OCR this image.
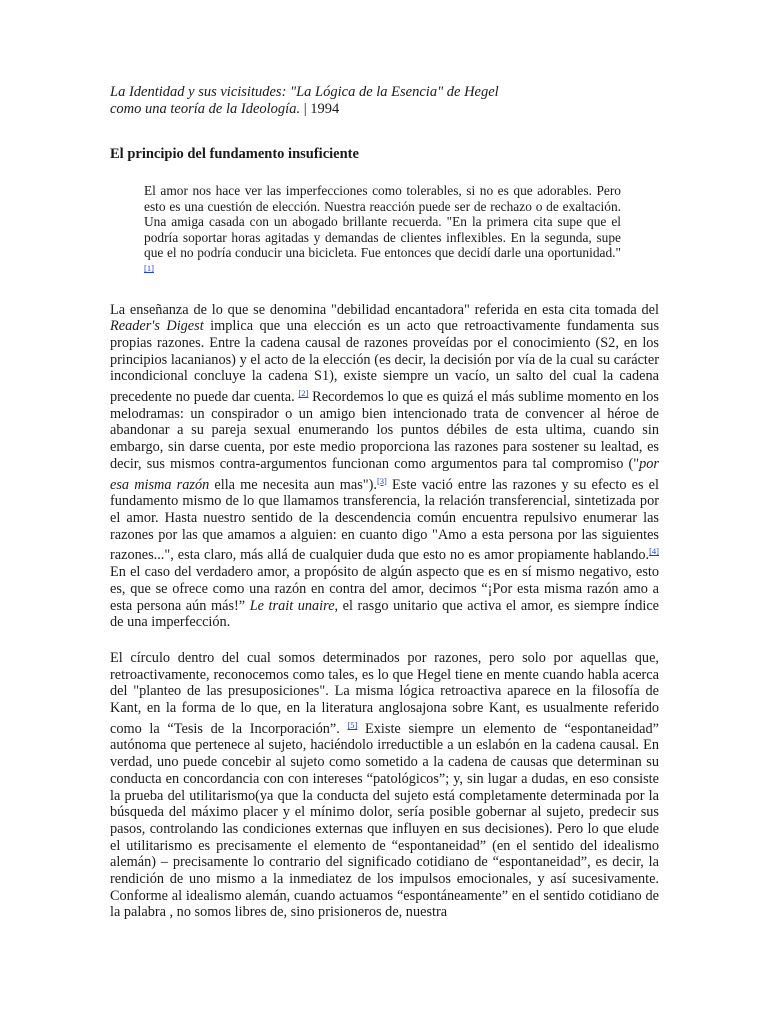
La Identidad y sus vicisitudes: "La Lógica de la Esencia" de Hegel
como una teoría de la Ideología. | 1994
El principio del fundamento insuficiente
El amor nos hace ver las imperfecciones como tolerables, si no es que adorables. Pero esto es una cuestión de elección. Nuestra reacción puede ser de rechazo o de exaltación. Una amiga casada con un abogado brillante recuerda. "En la primera cita supe que el podría soportar horas agitadas y demandas de clientes inflexibles. En la segunda, supe que el no podría conducir una bicicleta. Fue entonces que decidí darle una oportunidad." [1]

La enseñanza de lo que se denomina "debilidad encantadora" referida en esta cita tomada del Reader's Digest implica que una elección es un acto que retroactivamente fundamenta sus propias razones. Entre la cadena causal de razones proveídas por el conocimiento (S2, en los principios lacanianos) y el acto de la elección (es decir, la decisión por vía de la cual su carácter incondicional concluye la cadena S1), existe siempre un vacío, un salto del cual la cadena precedente no puede dar cuenta. [2] Recordemos lo que es quizá el más sublime momento en los melodramas: un conspirador o un amigo bien intencionado trata de convencer al héroe de abandonar a su pareja sexual enumerando los puntos débiles de esta ultima, cuando sin embargo, sin darse cuenta, por este medio proporciona las razones para sostener su lealtad, es decir, sus mismos contra-argumentos funcionan como argumentos para tal compromiso ("por esa misma razón ella me necesita aun mas").[3] Este vació entre las razones y su efecto es el fundamento mismo de lo que llamamos transferencia, la relación transferencial, sintetizada por el amor. Hasta nuestro sentido de la descendencia común encuentra repulsivo enumerar las razones por las que amamos a alguien: en cuanto digo "Amo a esta persona por las siguientes razones...", esta claro, más allá de cualquier duda que esto no es amor propiamente hablando.[4] En el caso del verdadero amor, a propósito de algún aspecto que es en sí mismo negativo, esto es, que se ofrece como una razón en contra del amor, decimos “¡Por esta misma razón amo a esta persona aún más!” Le trait unaire, el rasgo unitario que activa el amor, es siempre índice de una imperfección.

El círculo dentro del cual somos determinados por razones, pero solo por aquellas que, retroactivamente, reconocemos como tales, es lo que Hegel tiene en mente cuando habla acerca del "planteo de las presuposiciones". La misma lógica retroactiva aparece en la filosofía de Kant, en la forma de lo que, en la literatura anglosajona sobre Kant, es usualmente referido como la “Tesis de la Incorporación”. [5] Existe siempre un elemento de “espontaneidad” autónoma que pertenece al sujeto, haciéndolo irreductible a un eslabón en la cadena causal. En verdad, uno puede concebir al sujeto como sometido a la cadena de causas que determinan su conducta en concordancia con con intereses “patológicos”; y, sin lugar a dudas, en eso consiste la prueba del utilitarismo(ya que la conducta del sujeto está completamente determinada por la búsqueda del máximo placer y el mínimo dolor, sería posible gobernar al sujeto, predecir sus pasos, controlando las condiciones externas que influyen en sus decisiones). Pero lo que elude el utilitarismo es precisamente el elemento de “espontaneidad” (en el sentido del idealismo alemán) – precisamente lo contrario del significado cotidiano de “espontaneidad”, es decir, la rendición de uno mismo a la inmediatez de los impulsos emocionales, y así sucesivamente. Conforme al idealismo alemán, cuando actuamos “espontáneamente” en el sentido cotidiano de la palabra , no somos libres de, sino prisioneros de, nuestra
